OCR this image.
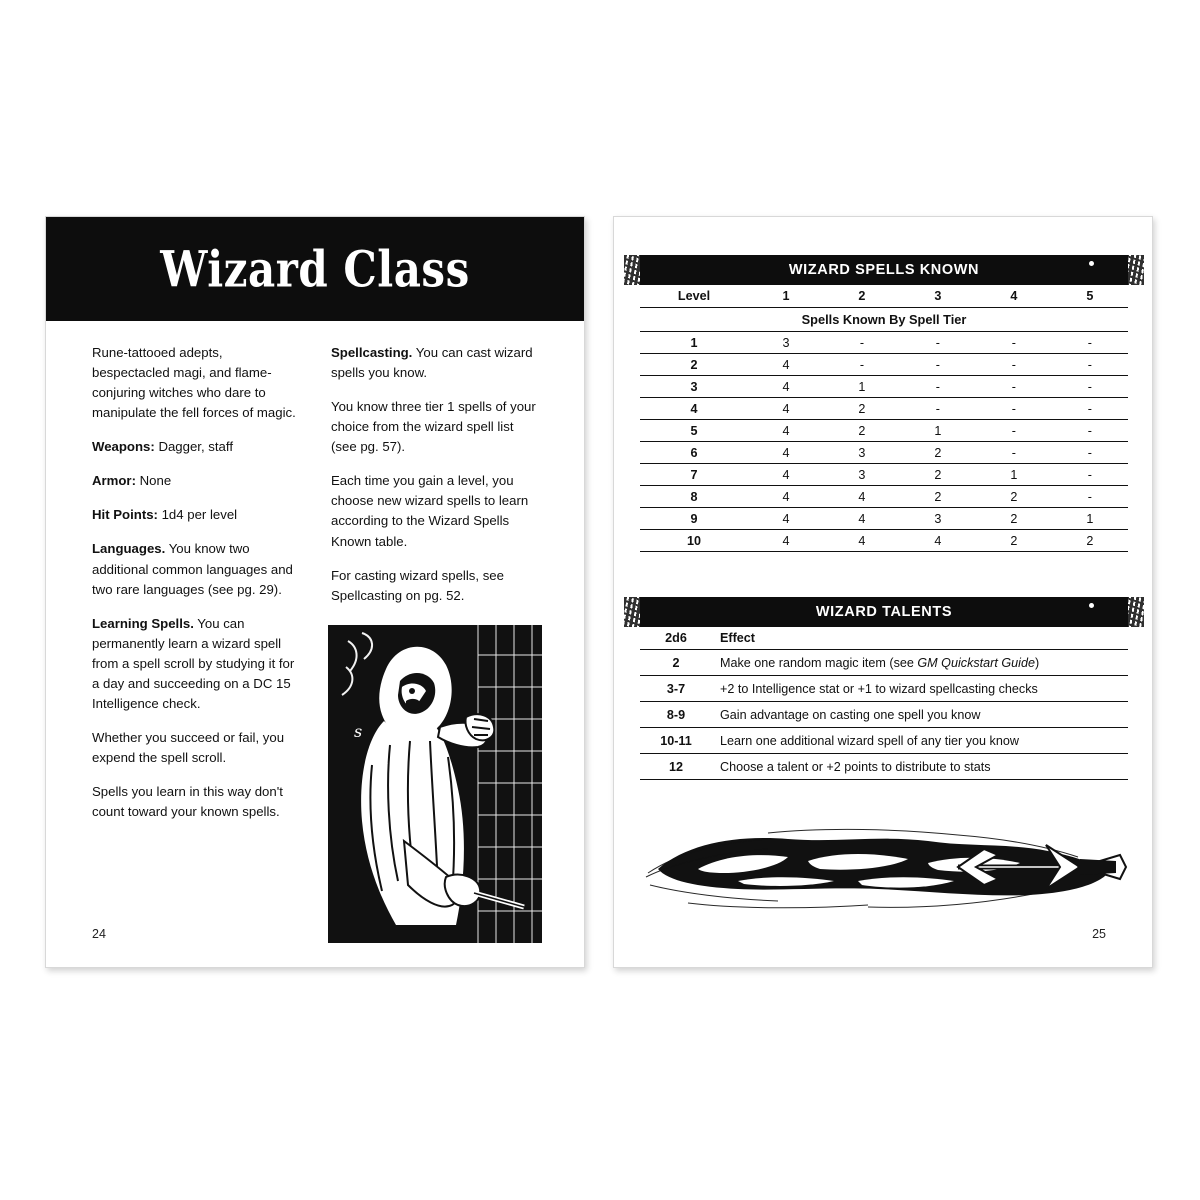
Wizard Class

Rune-tattooed adepts, bespectacled magi, and flame-conjuring witches who dare to manipulate the fell forces of magic.

Weapons: Dagger, staff

Armor: None

Hit Points: 1d4 per level

Languages. You know two additional common languages and two rare languages (see pg. 29).

Learning Spells. You can permanently learn a wizard spell from a spell scroll by studying it for a day and succeeding on a DC 15 Intelligence check.

Whether you succeed or fail, you expend the spell scroll.

Spells you learn in this way don't count toward your known spells.

Spellcasting. You can cast wizard spells you know.

You know three tier 1 spells of your choice from the wizard spell list (see pg. 57).

Each time you gain a level, you choose new wizard spells to learn according to the Wizard Spells Known table.

For casting wizard spells, see Spellcasting on pg. 52.

s
s
s
24
WIZARD SPELLS KNOWN
Spells Known By Spell Tier					
Level	1	2	3	4	5
1	3	-	-	-	-
2	4	-	-	-	-
3	4	1	-	-	-
4	4	2	-	-	-
5	4	2	1	-	-
6	4	3	2	-	-
7	4	3	2	1	-
8	4	4	2	2	-
9	4	4	3	2	1
10	4	4	4	2	2
WIZARD TALENTS
2d6	Effect
2	Make one random magic item (see GM Quickstart Guide)
3-7	+2 to Intelligence stat or +1 to wizard spellcasting checks
8-9	Gain advantage on casting one spell you know
10-11	Learn one additional wizard spell of any tier you know
12	Choose a talent or +2 points to distribute to stats
25
